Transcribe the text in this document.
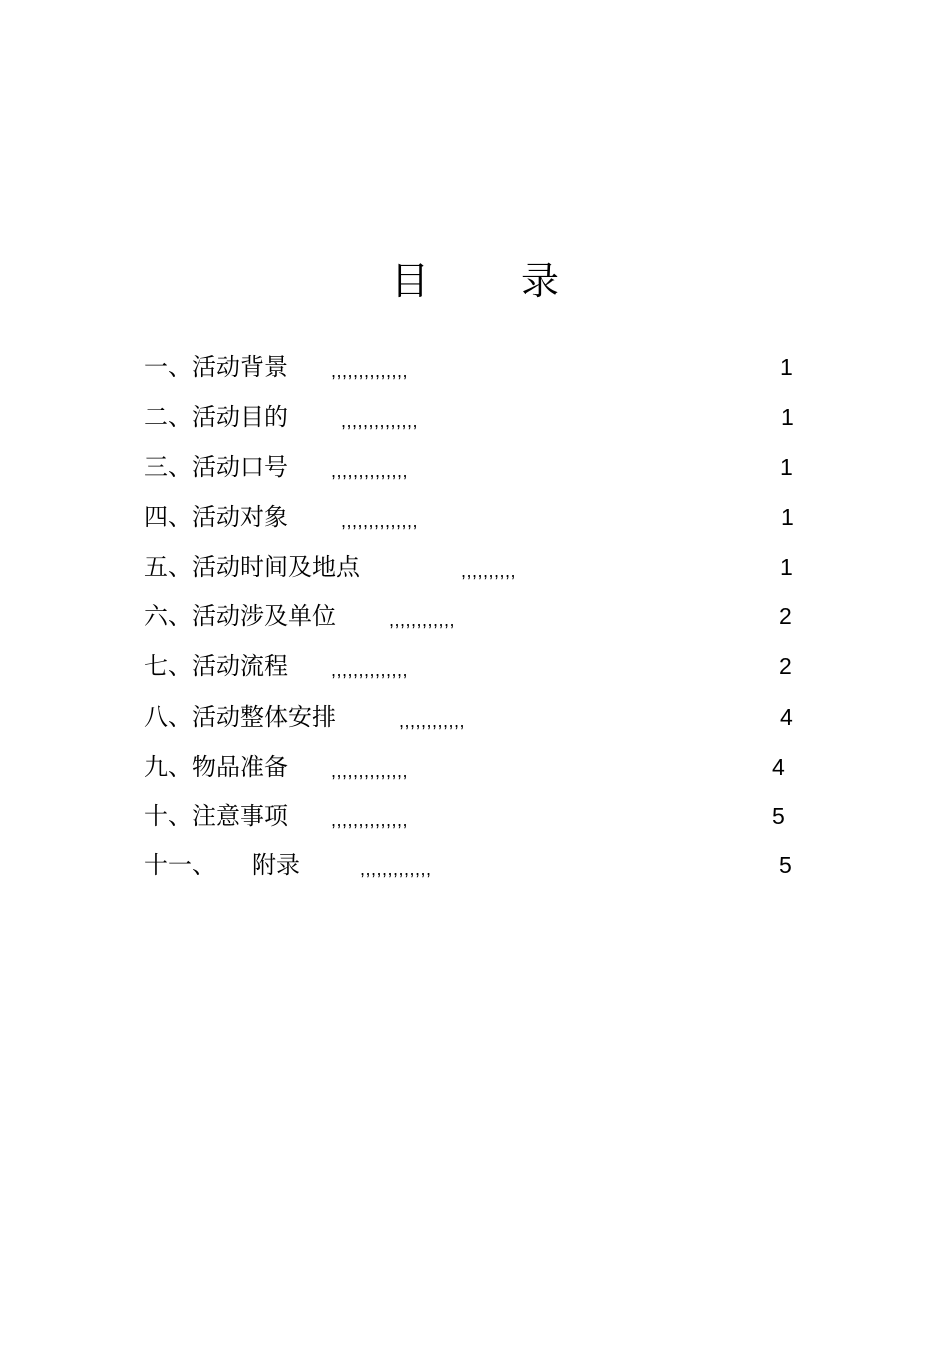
目 录
一、活动背景 ,,,,,,,,,,,,,,	1
二、活动目的	,,,,,,,,,,,,,,	1
三、活动口号 ,,,,,,,,,,,,,,	1
四、活动对象	,,,,,,,,,,,,,,	1
五、活动时间及地点	,,,,,,,,,,	1
六、活动涉及单位	,,,,,,,,,,,,	2
七、活动流程 ,,,,,,,,,,,,,,	2
八、活动整体安排	,,,,,,,,,,,,	4
九、物品准备 ,,,,,,,,,,,,,,	4
十、注意事项 ,,,,,,,,,,,,,,	5
十一、 附录	,,,,,,,,,,,,,	5
